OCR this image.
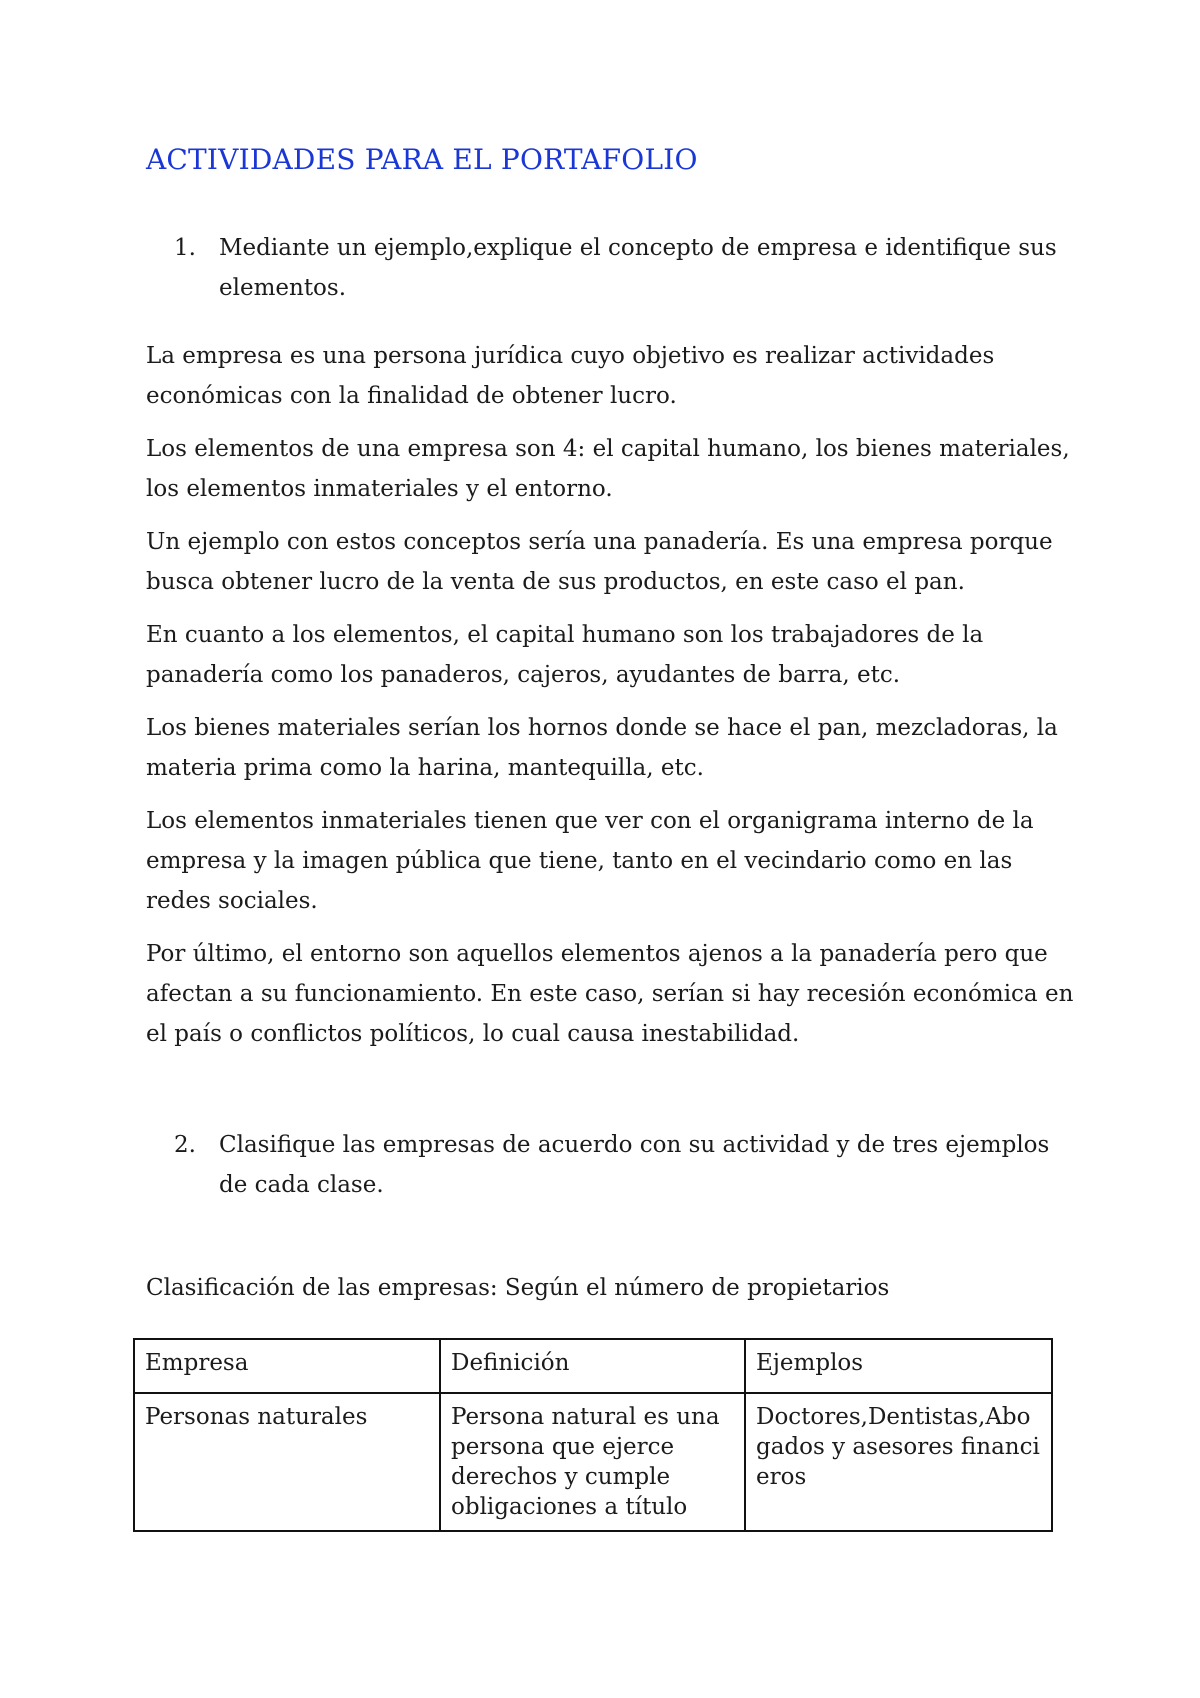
ACTIVIDADES PARA EL PORTAFOLIO
1. Mediante un ejemplo,explique el concepto de empresa e identifique sus elementos.

La empresa es una persona jurídica cuyo objetivo es realizar actividades económicas con la finalidad de obtener lucro.

Los elementos de una empresa son 4: el capital humano, los bienes materiales, los elementos inmateriales y el entorno.

Un ejemplo con estos conceptos sería una panadería. Es una empresa porque busca obtener lucro de la venta de sus productos, en este caso el pan.

En cuanto a los elementos, el capital humano son los trabajadores de la panadería como los panaderos, cajeros, ayudantes de barra, etc.

Los bienes materiales serían los hornos donde se hace el pan, mezcladoras, la materia prima como la harina, mantequilla, etc.

Los elementos inmateriales tienen que ver con el organigrama interno de la empresa y la imagen pública que tiene, tanto en el vecindario como en las redes sociales.

Por último, el entorno son aquellos elementos ajenos a la panadería pero que afectan a su funcionamiento. En este caso, serían si hay recesión económica en el país o conflictos políticos, lo cual causa inestabilidad.

2. Clasifique las empresas de acuerdo con su actividad y de tres ejemplos de cada clase.
Clasificación de las empresas: Según el número de propietarios
Empresa	Definición	Ejemplos
Personas naturales	Persona natural es una persona que ejerce derechos y cumple obligaciones a título	Doctores,Dentistas,Abogados y asesores financieros
